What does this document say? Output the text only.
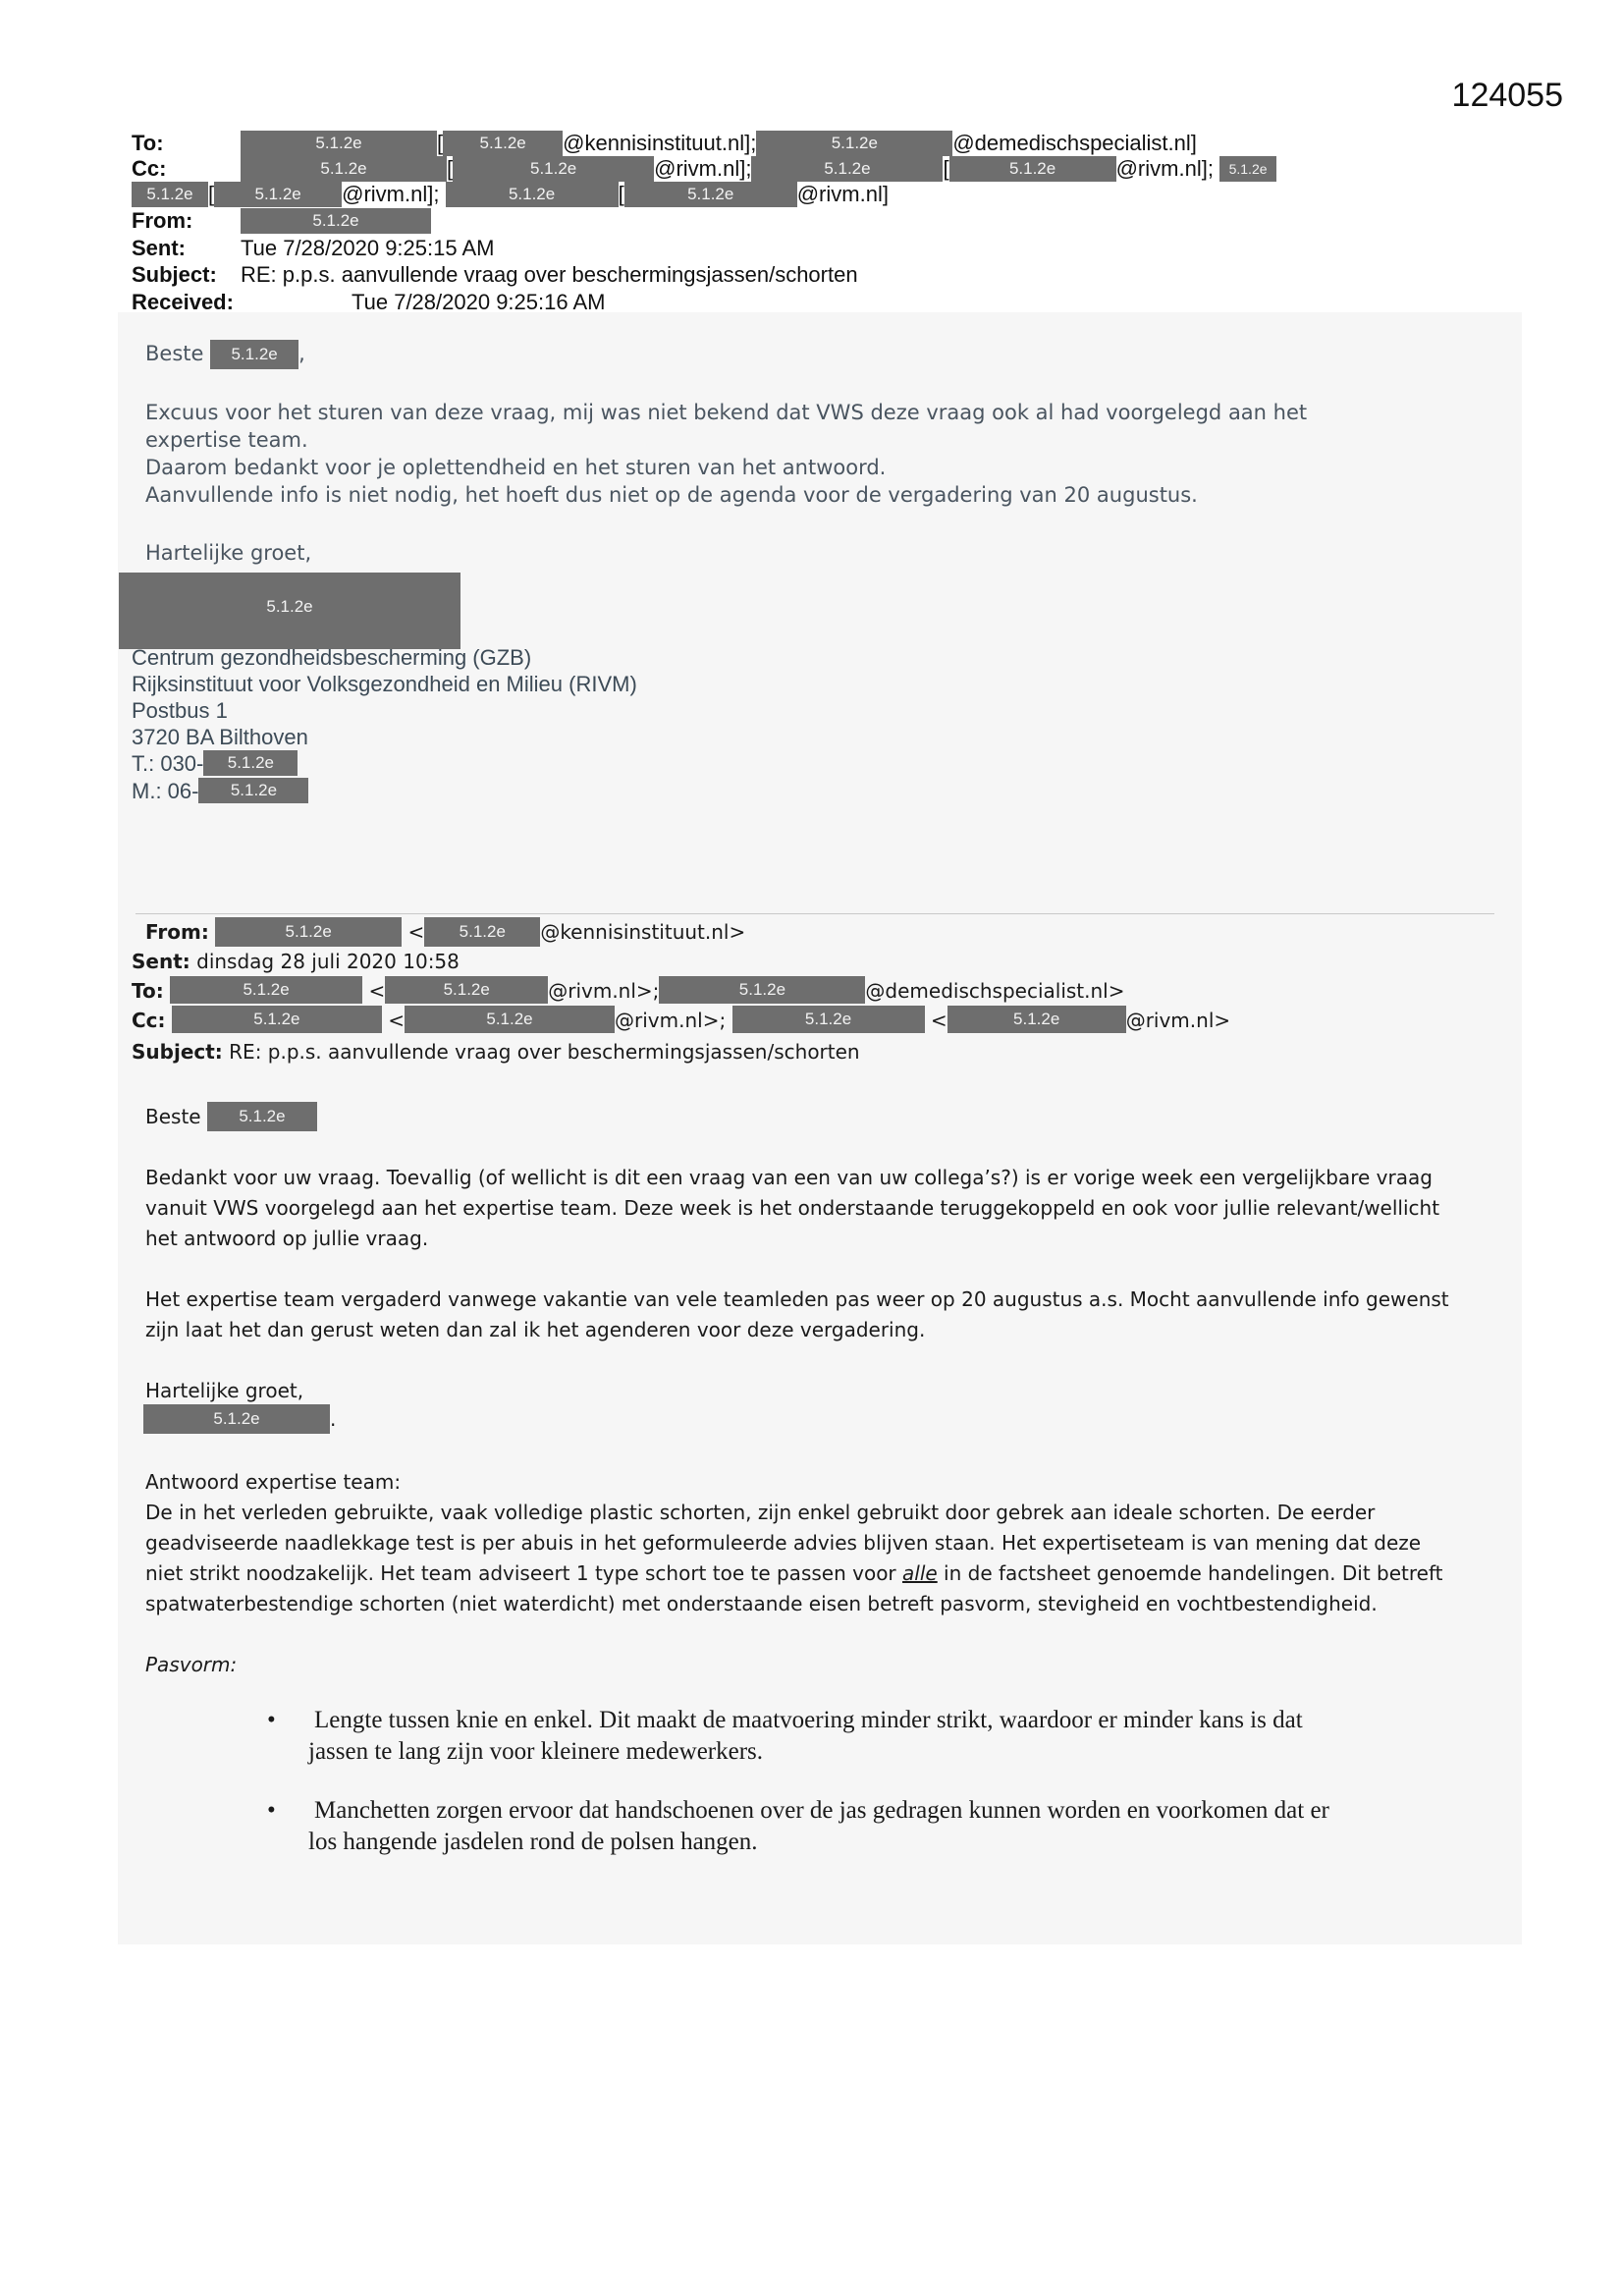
124055
To:	5.1.2e	[ 5.1.2e @kennisinstituut.nl];	5.1.2e	@demedischspecialist.nl]
Cc:	5.1.2e	[	5.1.2e	@rivm.nl];	5.1.2e	[	5.1.2e	@rivm.nl]; 5.1.2e
5.1.2e [ 5.1.2e @rivm.nl];	5.1.2e	[	5.1.2e	@rivm.nl]
From:	5.1.2e
Sent:	Tue 7/28/2020 9:25:15 AM
Subject: RE: p.p.s. aanvullende vraag over beschermingsjassen/schorten
Received:	Tue 7/28/2020 9:25:16 AM
Beste 5.1.2e ,
Excuus voor het sturen van deze vraag, mij was niet bekend dat VWS deze vraag ook al had voorgelegd aan het
expertise team.
Daarom bedankt voor je oplettendheid en het sturen van het antwoord.
Aanvullende info is niet nodig, het hoeft dus niet op de agenda voor de vergadering van 20 augustus.
Hartelijke groet,
5.1.2e
Centrum gezondheidsbescherming (GZB)
Rijksinstituut voor Volksgezondheid en Milieu (RIVM)
Postbus 1
3720 BA Bilthoven
T.: 030- 5.1.2e
M.: 06- 5.1.2e
From:	5.1.2e	< 5.1.2e @kennisinstituut.nl>
Sent: dinsdag 28 juli 2020 10:58
To:	5.1.2e	<	5.1.2e	@rivm.nl>;	5.1.2e	@demedischspecialist.nl>
Cc:	5.1.2e	<	5.1.2e	@rivm.nl>;	5.1.2e	<	5.1.2e	@rivm.nl>
Subject: RE: p.p.s. aanvullende vraag over beschermingsjassen/schorten
Beste 5.1.2e
Bedankt voor uw vraag. Toevallig (of wellicht is dit een vraag van een van uw collega’s?) is er vorige week een vergelijkbare vraag
vanuit VWS voorgelegd aan het expertise team. Deze week is het onderstaande teruggekoppeld en ook voor jullie relevant/wellicht
het antwoord op jullie vraag.
Het expertise team vergaderd vanwege vakantie van vele teamleden pas weer op 20 augustus a.s. Mocht aanvullende info gewenst
zijn laat het dan gerust weten dan zal ik het agenderen voor deze vergadering.
Hartelijke groet,
5.1.2e	.
Antwoord expertise team:
De in het verleden gebruikte, vaak volledige plastic schorten, zijn enkel gebruikt door gebrek aan ideale schorten. De eerder
geadviseerde naadlekkage test is per abuis in het geformuleerde advies blijven staan. Het expertiseteam is van mening dat deze
niet strikt noodzakelijk. Het team adviseert 1 type schort toe te passen voor alle in de factsheet genoemde handelingen. Dit betreft
spatwaterbestendige schorten (niet waterdicht) met onderstaande eisen betreft pasvorm, stevigheid en vochtbestendigheid.
Pasvorm:
• Lengte tussen knie en enkel. Dit maakt de maatvoering minder strikt, waardoor er minder kans is dat
jassen te lang zijn voor kleinere medewerkers.
• Manchetten zorgen ervoor dat handschoenen over de jas gedragen kunnen worden en voorkomen dat er
los hangende jasdelen rond de polsen hangen.
